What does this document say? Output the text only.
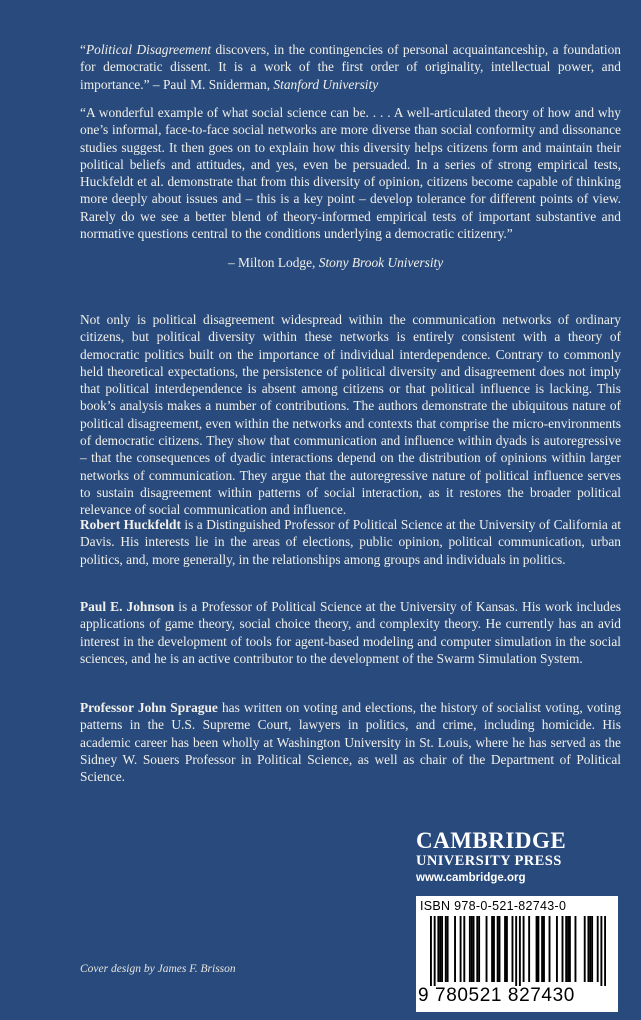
“Political Disagreement discovers, in the contingencies of personal acquaintanceship, a foundation for democratic dissent. It is a work of the first order of originality, intellectual power, and importance.” – Paul M. Sniderman, Stanford University

“A wonderful example of what social science can be. . . . A well-articulated theory of how and why one’s informal, face-to-face social networks are more diverse than social conformity and dissonance studies suggest. It then goes on to explain how this diversity helps citizens form and maintain their political beliefs and attitudes, and yes, even be persuaded. In a series of strong empirical tests, Huckfeldt et al. demonstrate that from this diversity of opinion, citizens become capable of thinking more deeply about issues and – this is a key point – develop tolerance for different points of view. Rarely do we see a better blend of theory-informed empirical tests of important substantive and normative questions central to the conditions underlying a democratic citizenry.”

– Milton Lodge, Stony Brook University

Not only is political disagreement widespread within the communication networks of ordinary citizens, but political diversity within these networks is entirely consistent with a theory of democratic politics built on the importance of individual interdependence. Contrary to commonly held theoretical expectations, the persistence of political diversity and disagreement does not imply that political interdependence is absent among citizens or that political influence is lacking. This book’s analysis makes a number of contributions. The authors demonstrate the ubiquitous nature of political disagreement, even within the networks and contexts that comprise the micro-environments of democratic citizens. They show that communication and influence within dyads is autoregressive – that the consequences of dyadic interactions depend on the distribution of opinions within larger networks of communication. They argue that the autoregressive nature of political influence serves to sustain disagreement within patterns of social interaction, as it restores the broader political relevance of social communication and influence.

Robert Huckfeldt is a Distinguished Professor of Political Science at the University of California at Davis. His interests lie in the areas of elections, public opinion, political communication, urban politics, and, more generally, in the relationships among groups and individuals in politics.

Paul E. Johnson is a Professor of Political Science at the University of Kansas. His work includes applications of game theory, social choice theory, and complexity theory. He currently has an avid interest in the development of tools for agent-based modeling and computer simulation in the social sciences, and he is an active contributor to the development of the Swarm Simulation System.

Professor John Sprague has written on voting and elections, the history of socialist voting, voting patterns in the U.S. Supreme Court, lawyers in politics, and crime, including homicide. His academic career has been wholly at Washington University in St. Louis, where he has served as the Sidney W. Souers Professor in Political Science, as well as chair of the Department of Political Science.

CAMBRIDGE

UNIVERSITY PRESS

www.cambridge.org

ISBN 978-0-521-82743-0
9 780521 827430
Cover design by James F. Brisson
